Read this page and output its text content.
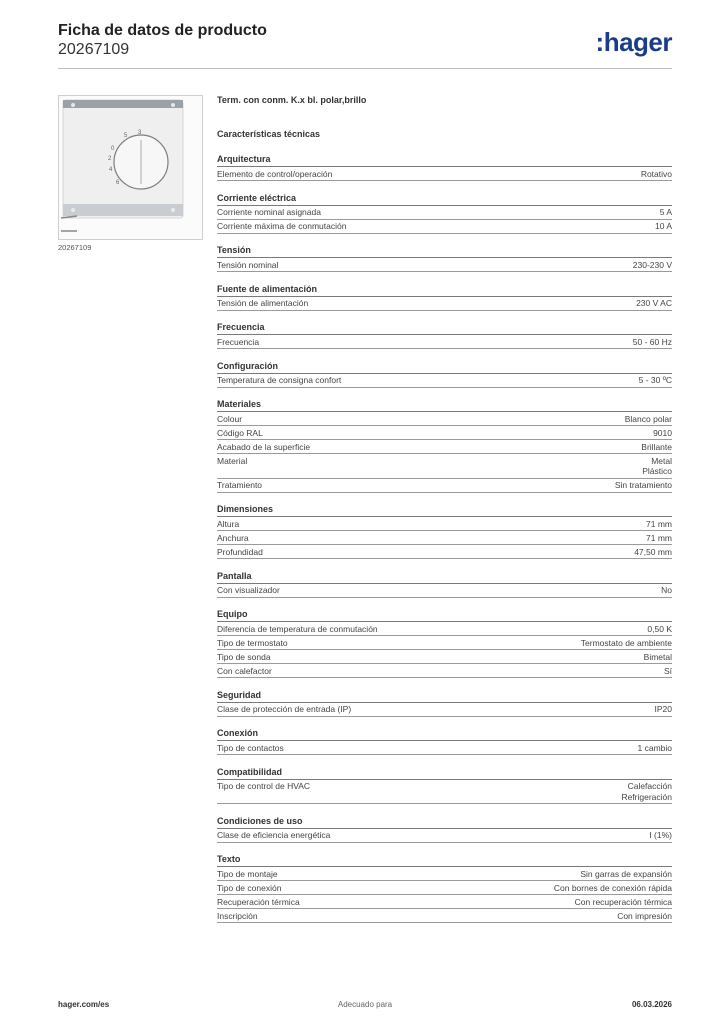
Ficha de datos de producto
20267109	:hager
5 3
0
2
4
6
20267109
Term. con conm. K.x bl. polar,brillo
Características técnicas
Arquitectura
Elemento de control/operación	Rotativo
Corriente eléctrica
Corriente nominal asignada	5 A
Corriente máxima de conmutación	10 A
Tensión
Tensión nominal	230-230 V
Fuente de alimentación
Tensión de alimentación	230 V AC
Frecuencia
Frecuencia	50 - 60 Hz
Configuración
Temperatura de consigna confort	5 - 30 ºC
Materiales
Colour	Blanco polar
Código RAL	9010
Acabado de la superficie	Brillante
Material	Metal
Plástico
Tratamiento	Sin tratamiento
Dimensiones
Altura	71 mm
Anchura	71 mm
Profundidad	47,50 mm
Pantalla
Con visualizador	No
Equipo
Diferencia de temperatura de conmutación	0,50 K
Tipo de termostato	Termostato de ambiente
Tipo de sonda	Bimetal
Con calefactor	Sí
Seguridad
Clase de protección de entrada (IP)	IP20
Conexión
Tipo de contactos	1 cambio
Compatibilidad
Tipo de control de HVAC	Calefacción
Refrigeración
Condiciones de uso
Clase de eficiencia energética	I (1%)
Texto
Tipo de montaje	Sin garras de expansión
Tipo de conexión	Con bornes de conexión rápida
Recuperación térmica	Con recuperación térmica
Inscripción	Con impresión
hager.com/es	Adecuado para	06.03.2026
